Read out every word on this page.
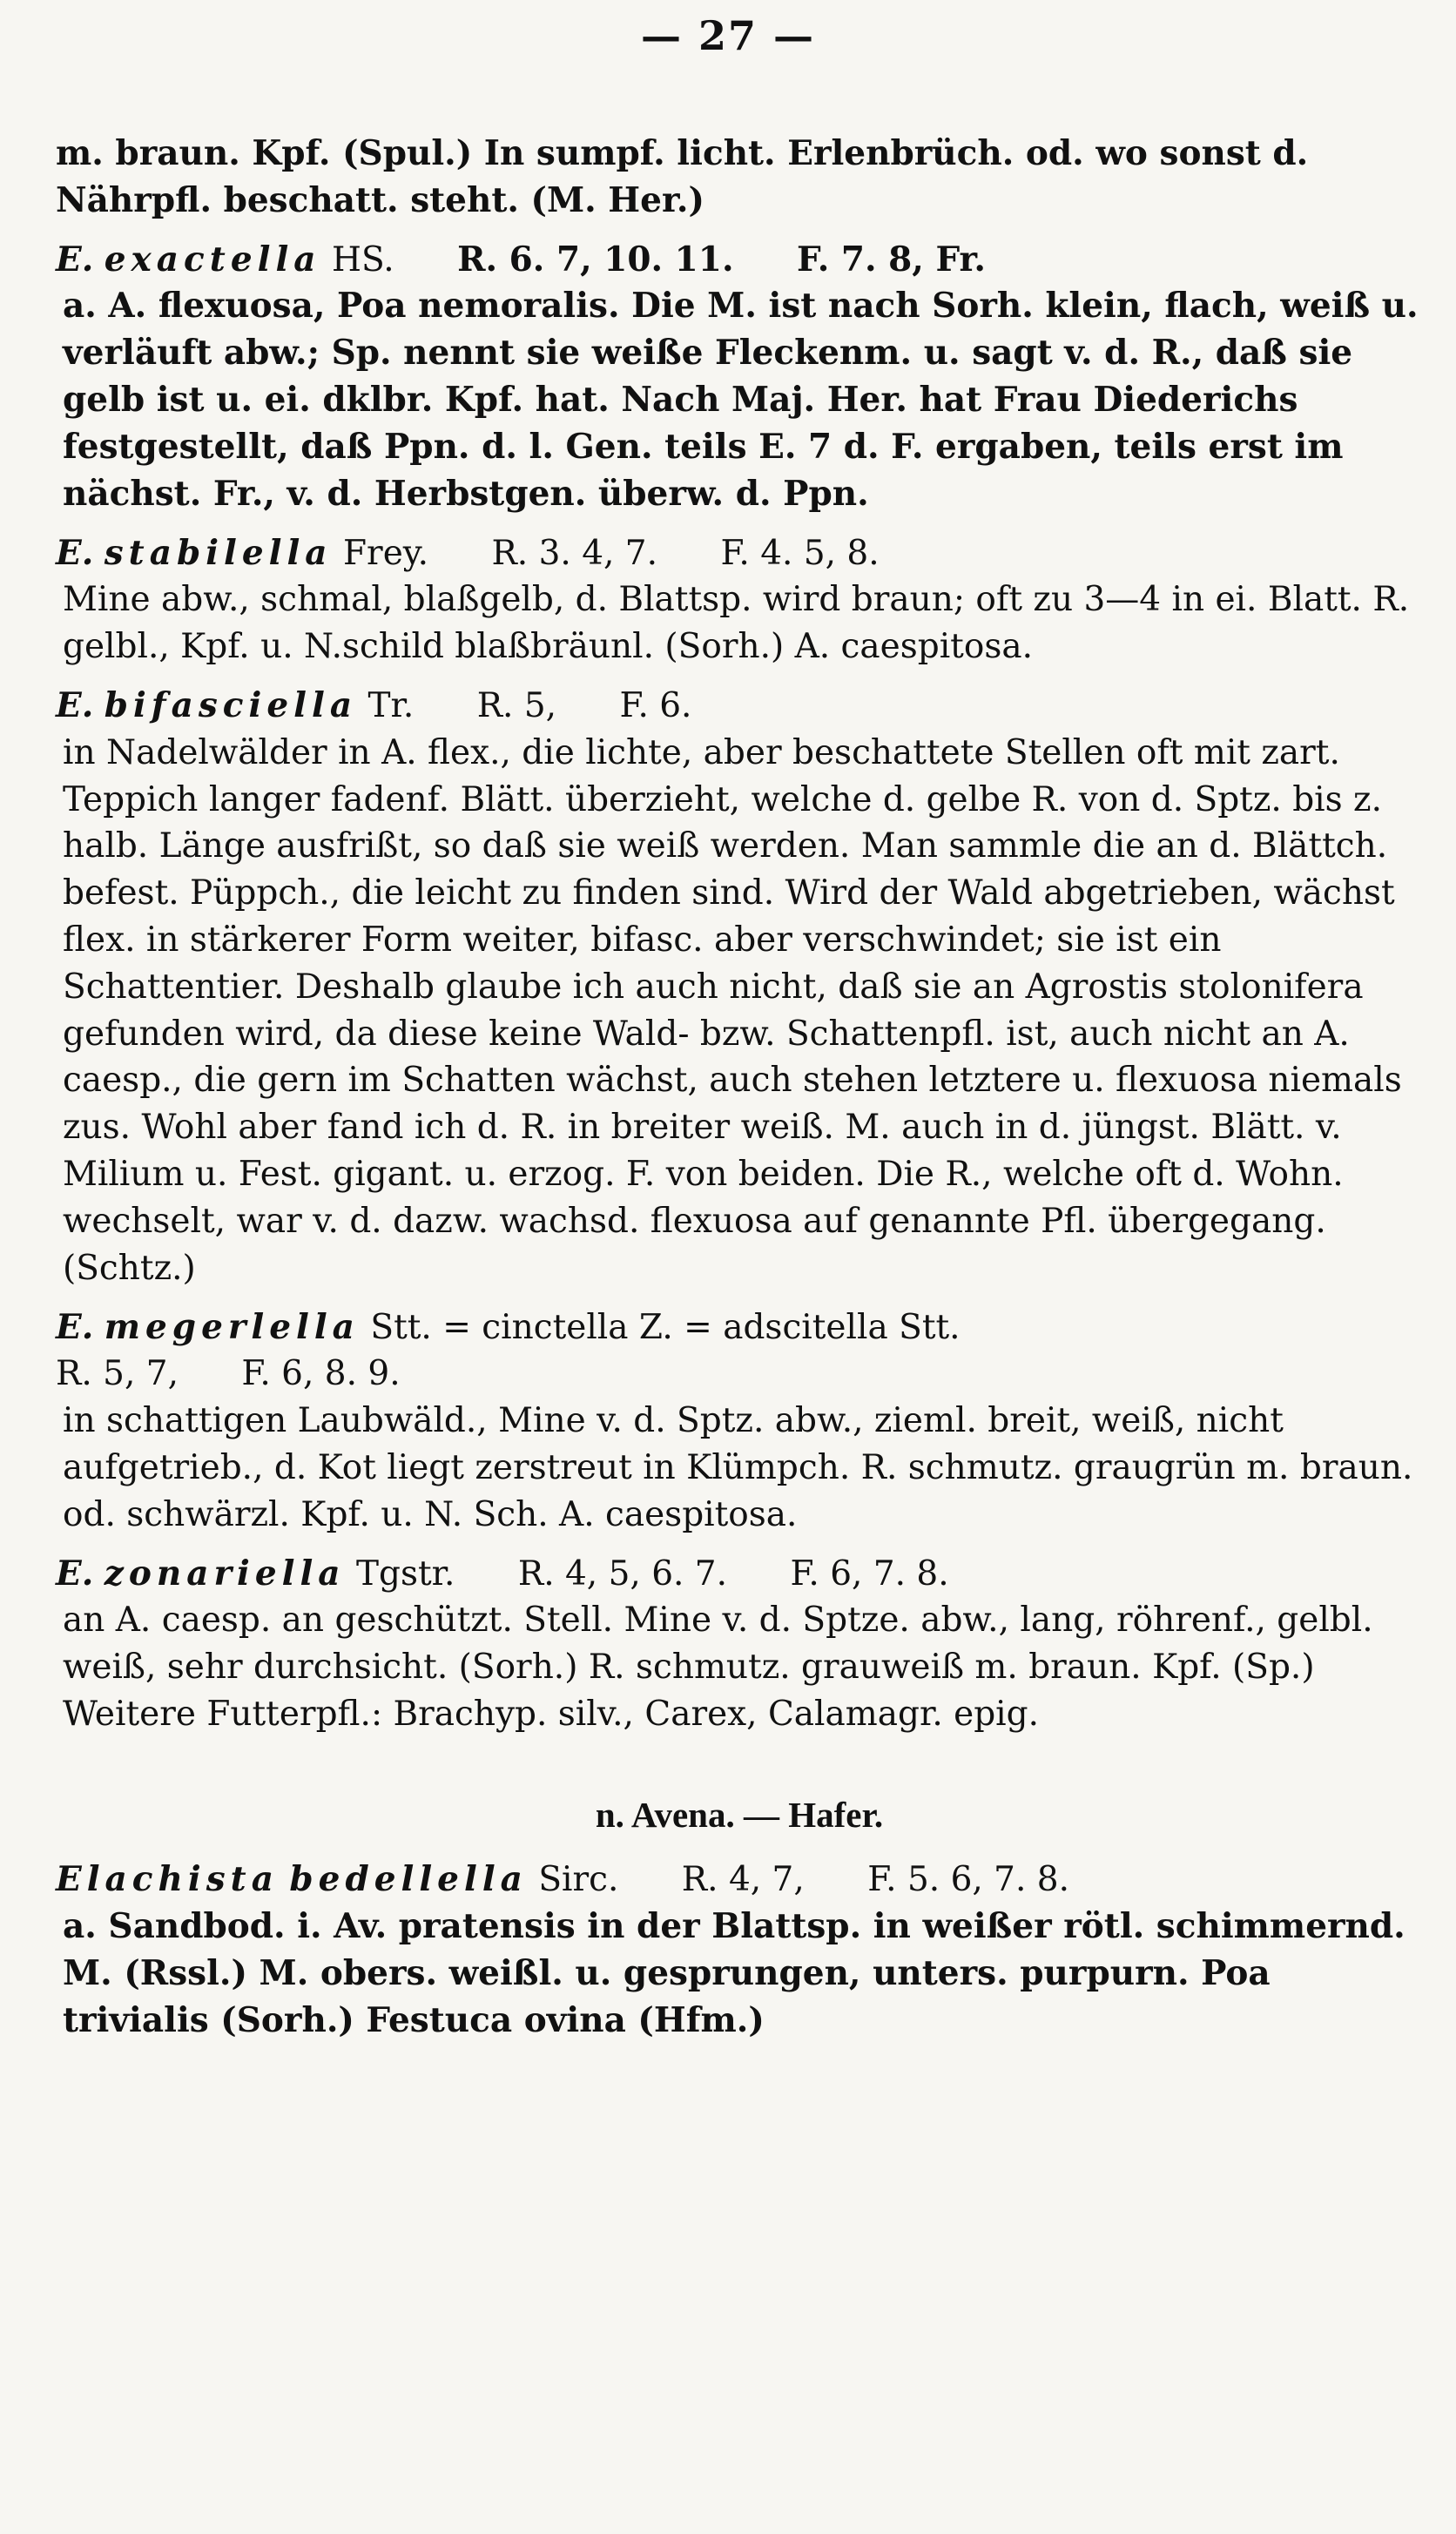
— 27 —
m. braun. Kpf. (Spul.) In sumpf. licht. Erlenbrüch. od. wo sonst d. Nährpfl. beschatt. steht. (M. Her.)
E. exactella HS. R. 6. 7, 10. 11. F. 7. 8, Fr.
a. A. flexuosa, Poa nemoralis. Die M. ist nach Sorh. klein, flach, weiß u. verläuft abw.; Sp. nennt sie weiße Fleckenm. u. sagt v. d. R., daß sie gelb ist u. ei. dklbr. Kpf. hat. Nach Maj. Her. hat Frau Diederichs festgestellt, daß Ppn. d. l. Gen. teils E. 7 d. F. ergaben, teils erst im nächst. Fr., v. d. Herbstgen. überw. d. Ppn.
E. stabilella Frey. R. 3. 4, 7. F. 4. 5, 8.
Mine abw., schmal, blaßgelb, d. Blattsp. wird braun; oft zu 3—4 in ei. Blatt. R. gelbl., Kpf. u. N.schild blaßbräunl. (Sorh.) A. caespitosa.
E. bifasciella Tr. R. 5, F. 6.
in Nadelwälder in A. flex., die lichte, aber beschattete Stellen oft mit zart. Teppich langer fadenf. Blätt. überzieht, welche d. gelbe R. von d. Sptz. bis z. halb. Länge ausfrißt, so daß sie weiß werden. Man sammle die an d. Blättch. befest. Püppch., die leicht zu finden sind. Wird der Wald abgetrieben, wächst flex. in stärkerer Form weiter, bifasc. aber verschwindet; sie ist ein Schattentier. Deshalb glaube ich auch nicht, daß sie an Agrostis stolonifera gefunden wird, da diese keine Wald- bzw. Schattenpfl. ist, auch nicht an A. caesp., die gern im Schatten wächst, auch stehen letztere u. flexuosa niemals zus. Wohl aber fand ich d. R. in breiter weiß. M. auch in d. jüngst. Blätt. v. Milium u. Fest. gigant. u. erzog. F. von beiden. Die R., welche oft d. Wohn. wechselt, war v. d. dazw. wachsd. flexuosa auf genannte Pfl. übergegang. (Schtz.)
E. megerlella Stt. = cinctella Z. = adscitella Stt.
R. 5, 7, F. 6, 8. 9.
in schattigen Laubwäld., Mine v. d. Sptz. abw., zieml. breit, weiß, nicht aufgetrieb., d. Kot liegt zerstreut in Klümpch. R. schmutz. graugrün m. braun. od. schwärzl. Kpf. u. N. Sch. A. caespitosa.
E. zonariella Tgstr. R. 4, 5, 6. 7. F. 6, 7. 8.
an A. caesp. an geschützt. Stell. Mine v. d. Sptze. abw., lang, röhrenf., gelbl. weiß, sehr durchsicht. (Sorh.) R. schmutz. grauweiß m. braun. Kpf. (Sp.) Weitere Futterpfl.: Brachyp. silv., Carex, Calamagr. epig.
n. Avena. — Hafer.
Elachista bedellella Sirc. R. 4, 7, F. 5. 6, 7. 8.
a. Sandbod. i. Av. pratensis in der Blattsp. in weißer rötl. schimmernd. M. (Rssl.) M. obers. weißl. u. gesprungen, unters. purpurn. Poa trivialis (Sorh.) Festuca ovina (Hfm.)
